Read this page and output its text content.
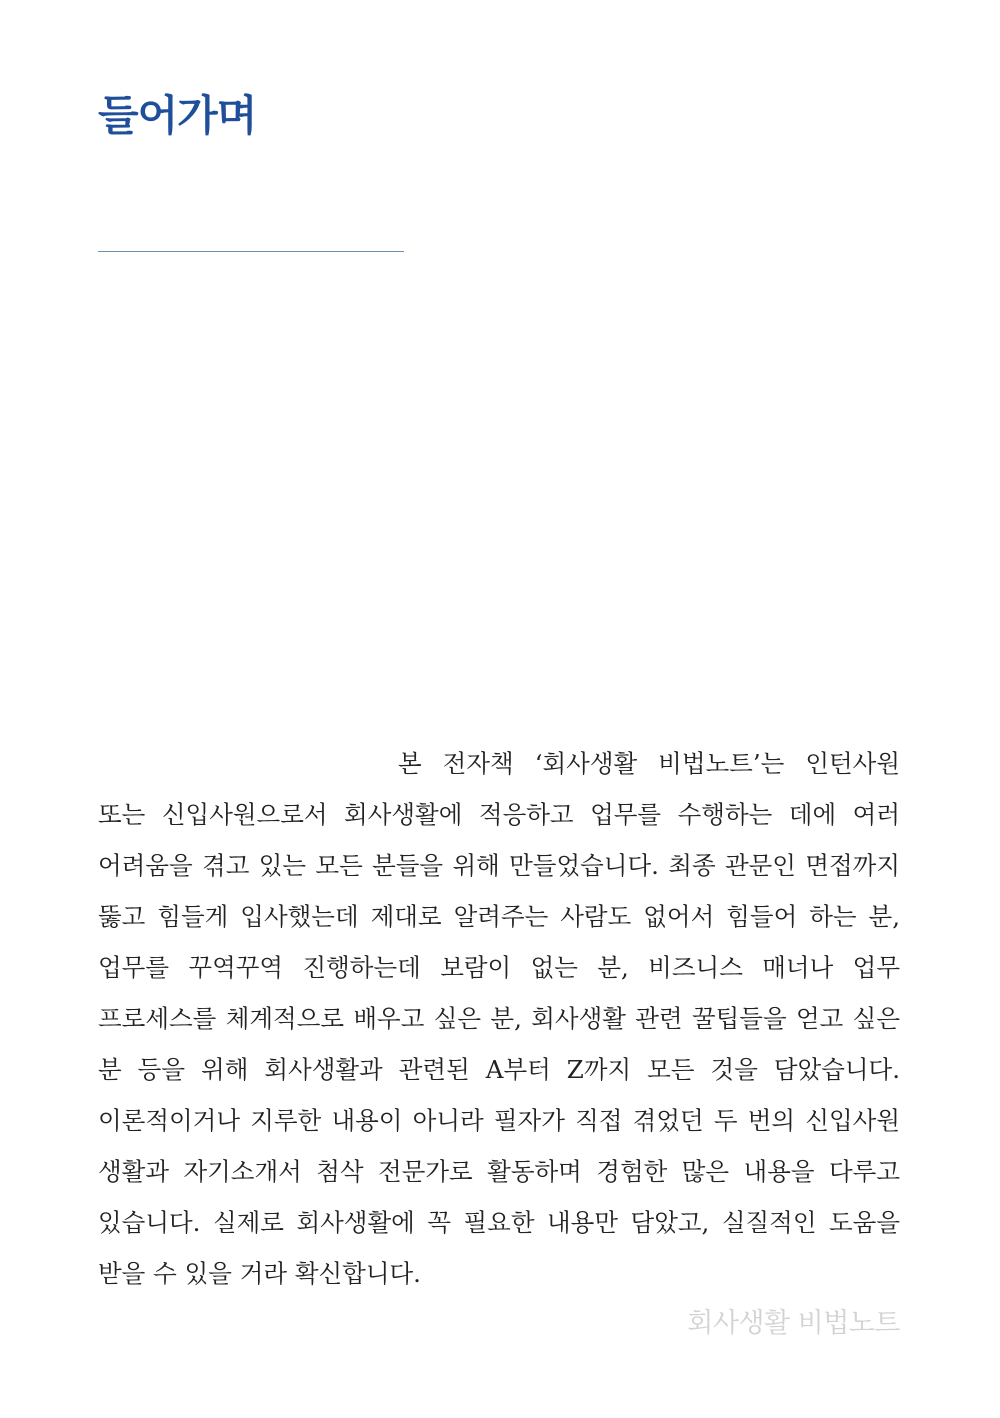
들어가며

본 전자책 ‘회사생활 비법노트’는 인턴사원 또는 신입사원으로서 회사생활에 적응하고 업무를 수행하는 데에 여러 어려움을 겪고 있는 모든 분들을 위해 만들었습니다. 최종 관문인 면접까지 뚫고 힘들게 입사했는데 제대로 알려주는 사람도 없어서 힘들어 하는 분, 업무를 꾸역꾸역 진행하는데 보람이 없는 분, 비즈니스 매너나 업무 프로세스를 체계적으로 배우고 싶은 분, 회사생활 관련 꿀팁들을 얻고 싶은 분 등을 위해 회사생활과 관련된 A부터 Z까지 모든 것을 담았습니다. 이론적이거나 지루한 내용이 아니라 필자가 직접 겪었던 두 번의 신입사원 생활과 자기소개서 첨삭 전문가로 활동하며 경험한 많은 내용을 다루고 있습니다. 실제로 회사생활에 꼭 필요한 내용만 담았고, 실질적인 도움을 받을 수 있을 거라 확신합니다.

회사생활 비법노트
